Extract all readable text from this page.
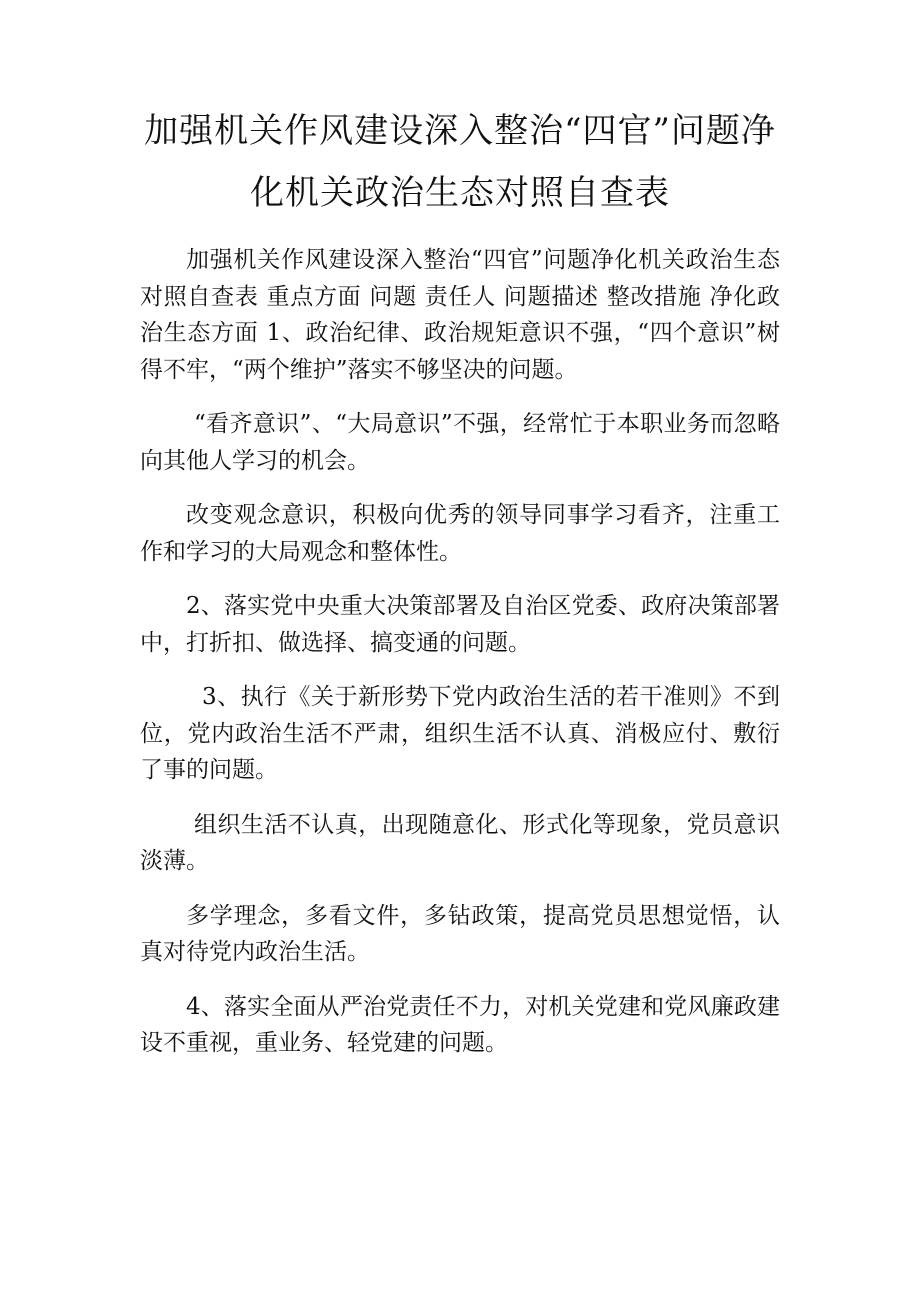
加强机关作风建设深入整治“四官”问题净化机关政治生态对照自查表

加强机关作风建设深入整治“四官”问题净化机关政治生态对照自查表 重点方面 问题 责任人 问题描述 整改措施 净化政治生态方面 1、政治纪律、政治规矩意识不强，“四个意识”树得不牢，“两个维护”落实不够坚决的问题。

“看齐意识”、“大局意识”不强，经常忙于本职业务而忽略向其他人学习的机会。

改变观念意识，积极向优秀的领导同事学习看齐，注重工作和学习的大局观念和整体性。

2、落实党中央重大决策部署及自治区党委、政府决策部署中，打折扣、做选择、搞变通的问题。

3、执行《关于新形势下党内政治生活的若干准则》不到位，党内政治生活不严肃，组织生活不认真、消极应付、敷衍了事的问题。

组织生活不认真，出现随意化、形式化等现象，党员意识淡薄。

多学理念，多看文件，多钻政策，提高党员思想觉悟，认真对待党内政治生活。

4、落实全面从严治党责任不力，对机关党建和党风廉政建设不重视，重业务、轻党建的问题。
